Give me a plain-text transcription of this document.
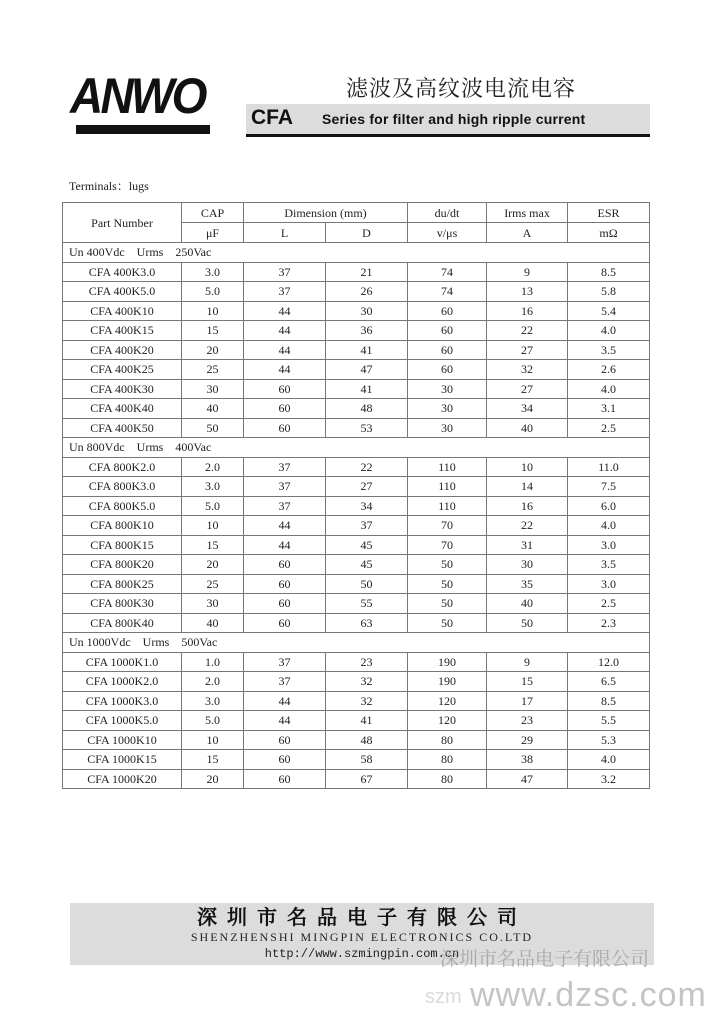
ANWO	滤波及高纹波电流电容
CFA Series for filter and high ripple current
Terminals：lugs
Part Number	CAP	Dimension (mm)		du/dt	Irms max	ESR
	μF	L	D	v/μs	A	mΩ
Un 400Vdc    Urms    250Vac						
CFA 400K3.0	3.0	37	21	74	9	8.5
CFA 400K5.0	5.0	37	26	74	13	5.8
CFA 400K10	10	44	30	60	16	5.4
CFA 400K15	15	44	36	60	22	4.0
CFA 400K20	20	44	41	60	27	3.5
CFA 400K25	25	44	47	60	32	2.6
CFA 400K30	30	60	41	30	27	4.0
CFA 400K40	40	60	48	30	34	3.1
CFA 400K50	50	60	53	30	40	2.5
Un 800Vdc    Urms    400Vac						
CFA 800K2.0	2.0	37	22	110	10	11.0
CFA 800K3.0	3.0	37	27	110	14	7.5
CFA 800K5.0	5.0	37	34	110	16	6.0
CFA 800K10	10	44	37	70	22	4.0
CFA 800K15	15	44	45	70	31	3.0
CFA 800K20	20	60	45	50	30	3.5
CFA 800K25	25	60	50	50	35	3.0
CFA 800K30	30	60	55	50	40	2.5
CFA 800K40	40	60	63	50	50	2.3
Un 1000Vdc    Urms    500Vac						
CFA 1000K1.0	1.0	37	23	190	9	12.0
CFA 1000K2.0	2.0	37	32	190	15	6.5
CFA 1000K3.0	3.0	44	32	120	17	8.5
CFA 1000K5.0	5.0	44	41	120	23	5.5
CFA 1000K10	10	60	48	80	29	5.3
CFA 1000K15	15	60	58	80	38	4.0
CFA 1000K20	20	60	67	80	47	3.2
深圳市名品电子有限公司
SHENZHENSHI MINGPIN ELECTRONICS CO.LTD
http://www.szmingpin.com.cn
深圳市名品电子有限公司
szm www.dzsc.com
